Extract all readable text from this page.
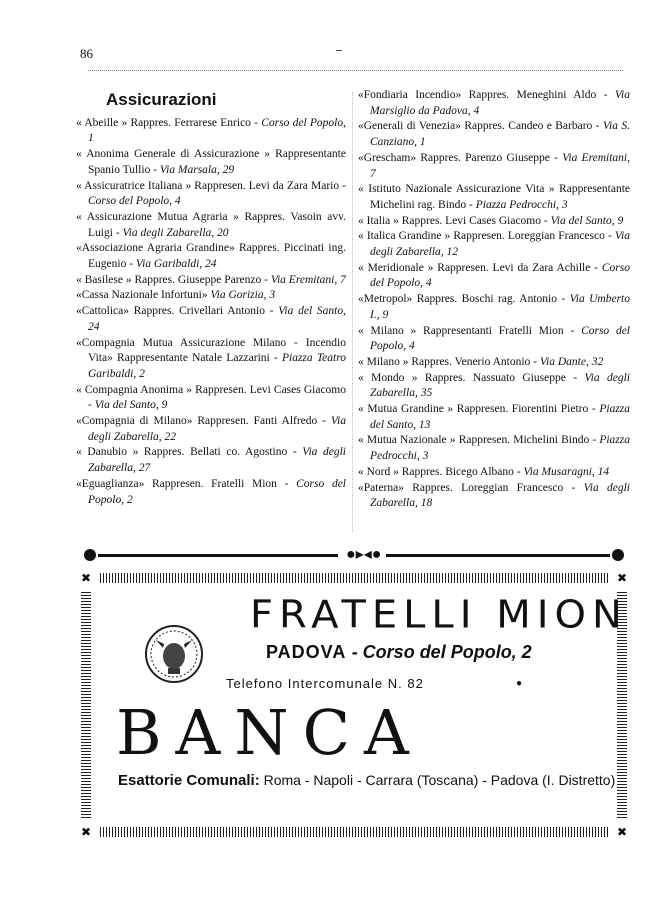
86
Assicurazioni
« Abeille » Rappres. Ferrarese Enrico - Corso del Popolo, 1
« Anonima Generale di Assicurazione » Rappresentante Spanio Tullio - Via Marsala, 29
« Assicuratrice Italiana » Rappresen. Levi da Zara Mario - Corso del Popolo, 4
« Assicurazione Mutua Agraria » Rappres. Vasoin avv. Luigi - Via degli Zabarella, 20
«Associazione Agraria Grandine» Rappres. Piccinati ing. Eugenio - Via Garibaldi, 24
« Basilese » Rappres. Giuseppe Parenzo - Via Eremitani, 7
«Cassa Nazionale Infortuni» Via Gorizia, 3
«Cattolica» Rappres. Crivellari Antonio - Via del Santo, 24
«Compagnia Mutua Assicurazione Milano - Incendio Vita» Rappresentante Natale Lazzarini - Piazza Teatro Garibaldi, 2
« Compagnia Anonima » Rappresen. Levi Cases Giacomo - Via del Santo, 9
«Compagnia di Milano» Rappresen. Fanti Alfredo - Via degli Zabarella, 22
« Danubio » Rappres. Bellati co. Agostino - Via degli Zabarella, 27
«Eguaglianza» Rappresen. Fratelli Mion - Corso del Popolo, 2
«Fondiaria Incendio» Rappres. Meneghini Aldo - Via Marsiglio da Padova, 4
«Generali di Venezia» Rappres. Candeo e Barbaro - Via S. Canziano, 1
«Grescham» Rappres. Parenzo Giuseppe - Via Eremitani, 7
« Istituto Nazionale Assicurazione Vita » Rappresentante Michelini rag. Bindo - Piazza Pedrocchi, 3
« Italia » Rappres. Levi Cases Giacomo - Via del Santo, 9
« Italica Grandine » Rappresen. Loreggian Francesco - Via degli Zabarella, 12
« Meridionale » Rappresen. Levi da Zara Achille - Corso del Popolo, 4
«Metropol» Rappres. Boschi rag. Antonio - Via Umberto I., 9
« Milano » Rappresentanti Fratelli Mion - Corso del Popolo, 4
« Milano » Rappres. Venerio Antonio - Via Dante, 32
« Mondo » Rappres. Nassuato Giuseppe - Via degli Zabarella, 35
« Mutua Grandine » Rappresen. Fiorentini Pietro - Piazza del Santo, 13
« Mutua Nazionale » Rappresen. Michelini Bindo - Piazza Pedrocchi, 3
« Nord » Rappres. Bicego Albano - Via Musaragni, 14
«Paterna» Rappres. Loreggian Francesco - Via degli Zabarella, 18
●▸◂●
✖	✖
✖	✖
FRATELLI MION
PADOVA - Corso del Popolo, 2
Telefono Intercomunale N. 82	●
BANCA
Esattorie Comunali: Roma - Napoli - Carrara (Toscana) - Padova (I. Distretto)
